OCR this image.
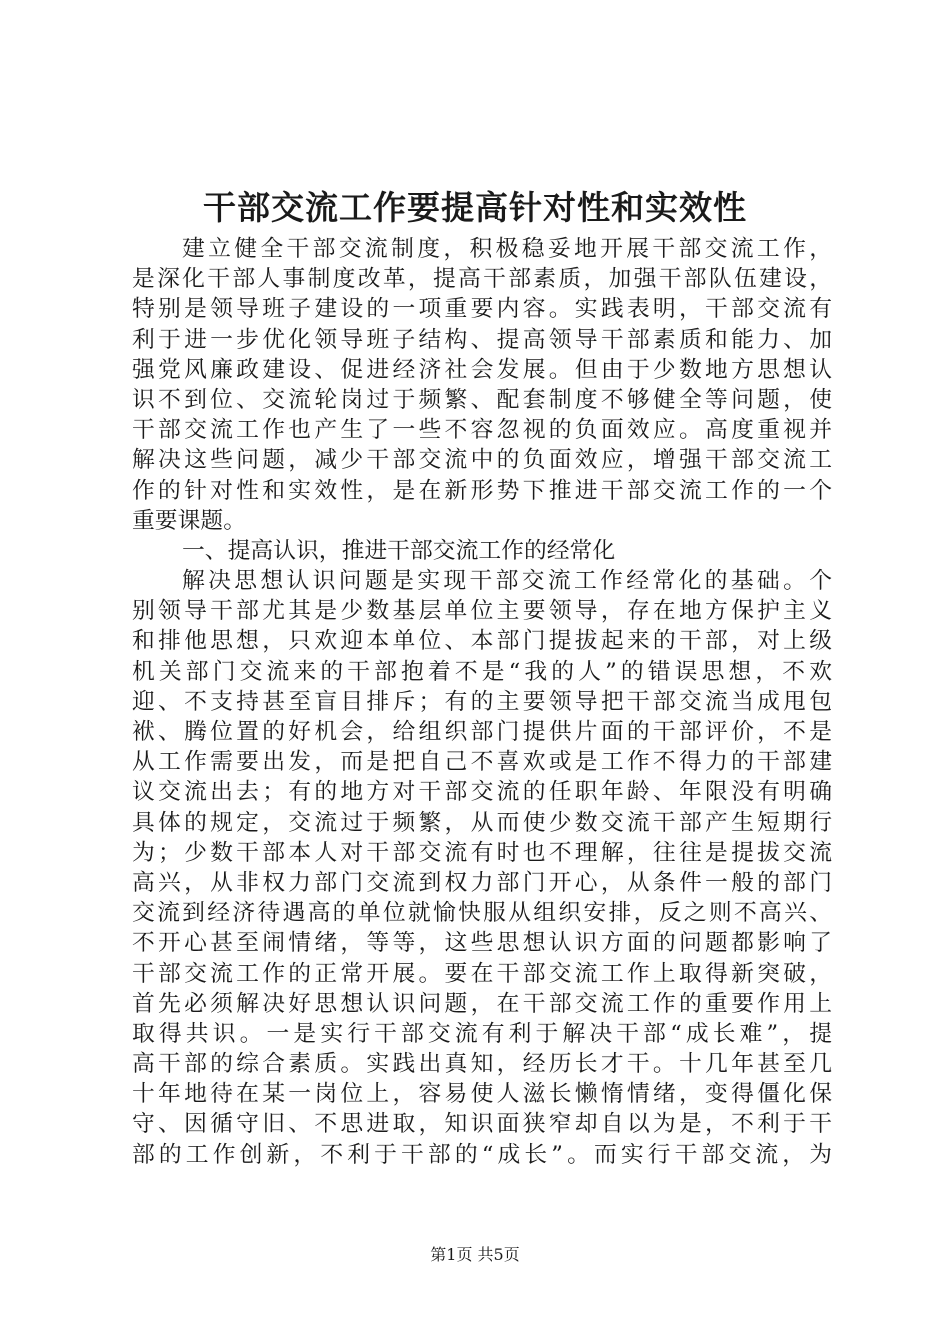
干部交流工作要提高针对性和实效性
建立健全干部交流制度，积极稳妥地开展干部交流工作，
是深化干部人事制度改革，提高干部素质，加强干部队伍建设，
特别是领导班子建设的一项重要内容。实践表明，干部交流有
利于进一步优化领导班子结构、提高领导干部素质和能力、加
强党风廉政建设、促进经济社会发展。但由于少数地方思想认
识不到位、交流轮岗过于频繁、配套制度不够健全等问题，使
干部交流工作也产生了一些不容忽视的负面效应。高度重视并
解决这些问题，减少干部交流中的负面效应，增强干部交流工
作的针对性和实效性，是在新形势下推进干部交流工作的一个
重要课题。
一、提高认识，推进干部交流工作的经常化
解决思想认识问题是实现干部交流工作经常化的基础。个
别领导干部尤其是少数基层单位主要领导，存在地方保护主义
和排他思想，只欢迎本单位、本部门提拔起来的干部，对上级
机关部门交流来的干部抱着不是“我的人”的错误思想，不欢
迎、不支持甚至盲目排斥；有的主要领导把干部交流当成甩包
袱、腾位置的好机会，给组织部门提供片面的干部评价，不是
从工作需要出发，而是把自己不喜欢或是工作不得力的干部建
议交流出去；有的地方对干部交流的任职年龄、年限没有明确
具体的规定，交流过于频繁，从而使少数交流干部产生短期行
为；少数干部本人对干部交流有时也不理解，往往是提拔交流
高兴，从非权力部门交流到权力部门开心，从条件一般的部门
交流到经济待遇高的单位就愉快服从组织安排，反之则不高兴、
不开心甚至闹情绪，等等，这些思想认识方面的问题都影响了
干部交流工作的正常开展。要在干部交流工作上取得新突破，
首先必须解决好思想认识问题，在干部交流工作的重要作用上
取得共识。一是实行干部交流有利于解决干部“成长难”，提
高干部的综合素质。实践出真知，经历长才干。十几年甚至几
十年地待在某一岗位上，容易使人滋长懒惰情绪，变得僵化保
守、因循守旧、不思进取，知识面狭窄却自以为是，不利于干
部的工作创新，不利于干部的“成长”。而实行干部交流，为
第1页 共5页
